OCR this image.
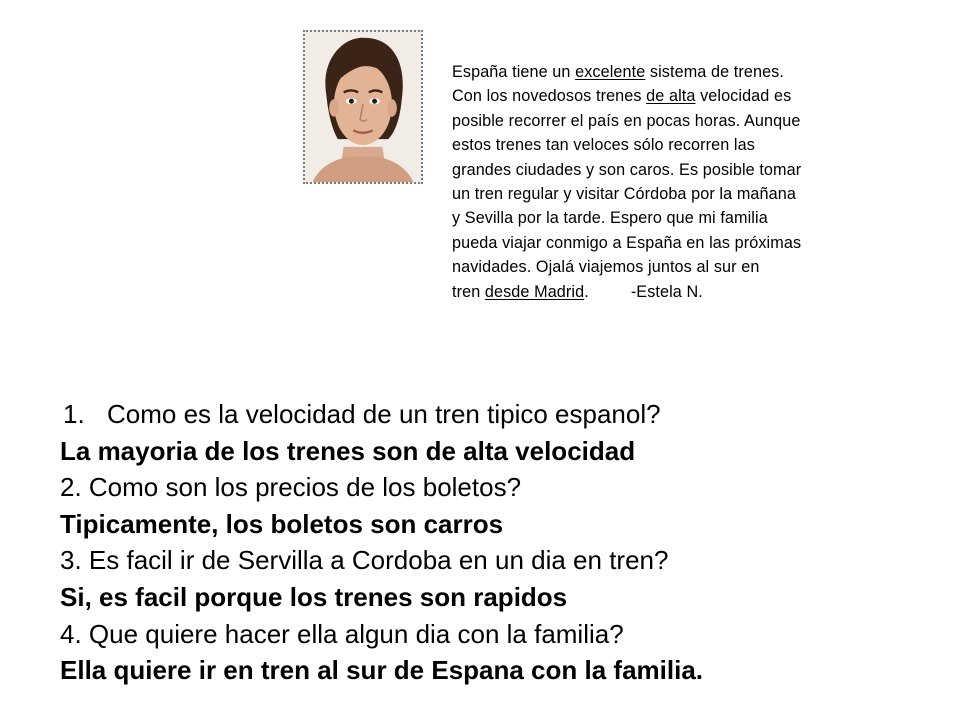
España tiene un excelente sistema de trenes.
Con los novedosos trenes de alta velocidad es
posible recorrer el país en pocas horas. Aunque
estos trenes tan veloces sólo recorren las
grandes ciudades y son caros. Es posible tomar
un tren regular y visitar Córdoba por la mañana
y Sevilla por la tarde. Espero que mi familia
pueda viajar conmigo a España en las próximas
navidades. Ojalá viajemos juntos al sur en
tren desde Madrid.	-Estela N.
1. Como es la velocidad de un tren tipico espanol?
La mayoria de los trenes son de alta velocidad
2. Como son los precios de los boletos?
Tipicamente, los boletos son carros
3. Es facil ir de Servilla a Cordoba en un dia en tren?
Si, es facil porque los trenes son rapidos
4. Que quiere hacer ella algun dia con la familia?
Ella quiere ir en tren al sur de Espana con la familia.
